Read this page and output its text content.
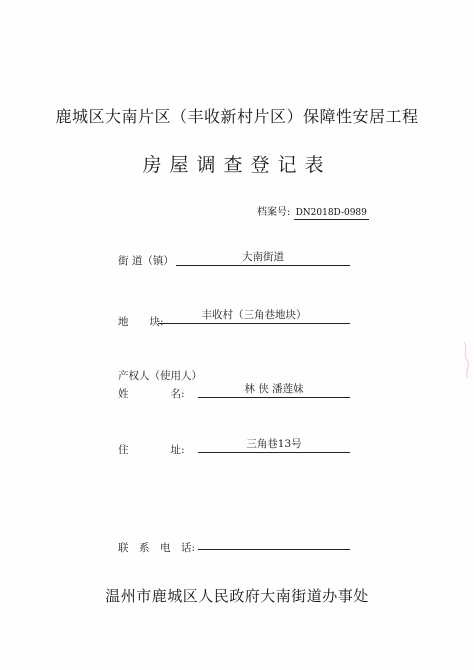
鹿城区大南片区（丰收新村片区）保障性安居工程
房屋调查登记表
档案号: DN2018D-0989
街 道（镇）	大南街道
地　　块:
丰收村（三角巷地块）
产权人（使用人）
姓　　　　名:	林 侠 潘莲妹
住　　　　址:	三角巷13号
联　系　电　话:
温州市鹿城区人民政府大南街道办事处
